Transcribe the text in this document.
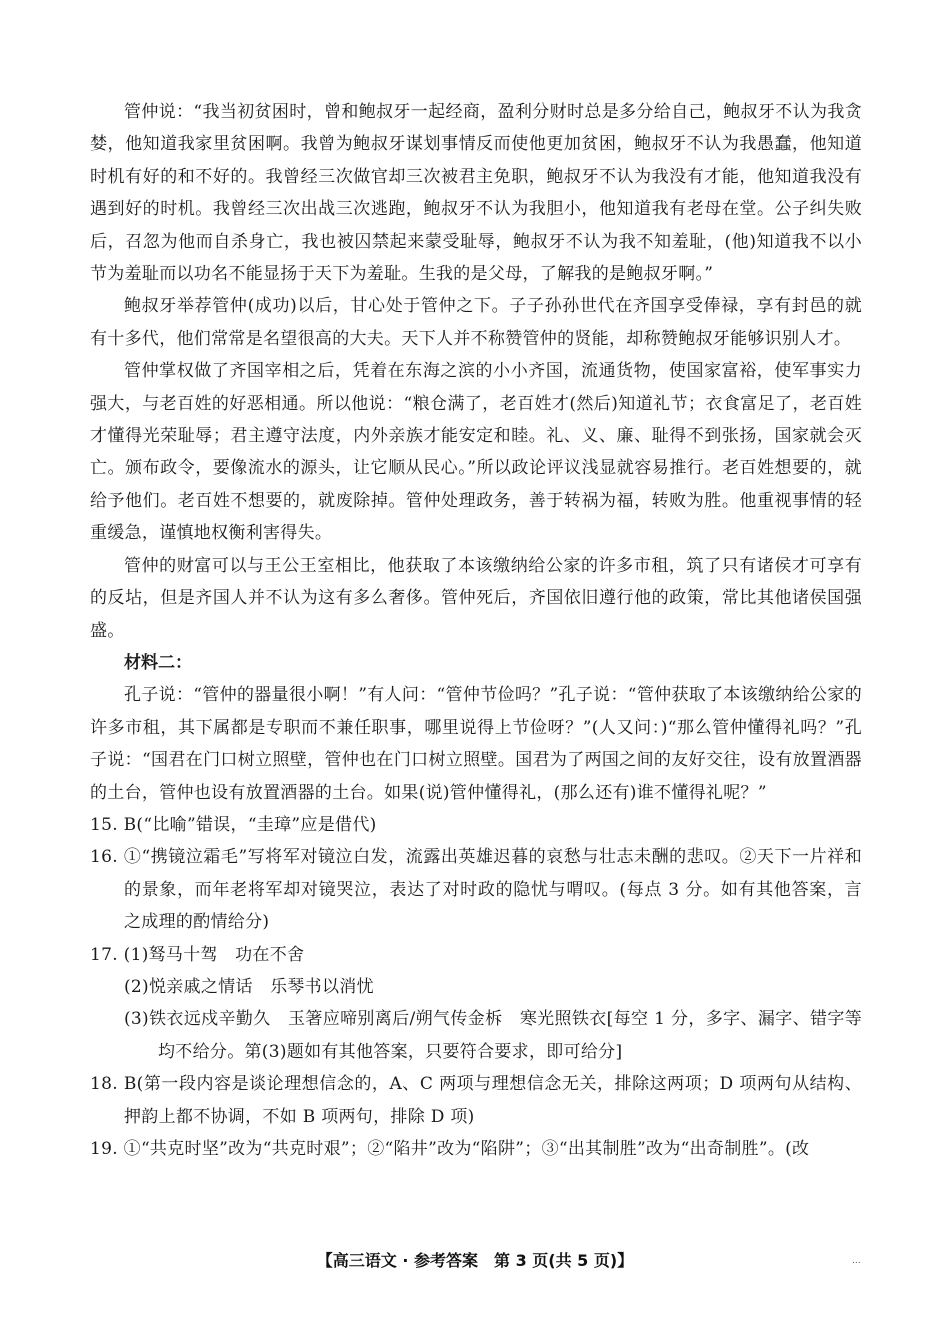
管仲说：“我当初贫困时，曾和鲍叔牙一起经商，盈利分财时总是多分给自己，鲍叔牙不认为我贪婪，他知道我家里贫困啊。我曾为鲍叔牙谋划事情反而使他更加贫困，鲍叔牙不认为我愚蠢，他知道时机有好的和不好的。我曾经三次做官却三次被君主免职，鲍叔牙不认为我没有才能，他知道我没有遇到好的时机。我曾经三次出战三次逃跑，鲍叔牙不认为我胆小，他知道我有老母在堂。公子纠失败后，召忽为他而自杀身亡，我也被囚禁起来蒙受耻辱，鲍叔牙不认为我不知羞耻，(他)知道我不以小节为羞耻而以功名不能显扬于天下为羞耻。生我的是父母，了解我的是鲍叔牙啊。”

鲍叔牙举荐管仲(成功)以后，甘心处于管仲之下。子子孙孙世代在齐国享受俸禄，享有封邑的就有十多代，他们常常是名望很高的大夫。天下人并不称赞管仲的贤能，却称赞鲍叔牙能够识别人才。

管仲掌权做了齐国宰相之后，凭着在东海之滨的小小齐国，流通货物，使国家富裕，使军事实力强大，与老百姓的好恶相通。所以他说：“粮仓满了，老百姓才(然后)知道礼节；衣食富足了，老百姓才懂得光荣耻辱；君主遵守法度，内外亲族才能安定和睦。礼、义、廉、耻得不到张扬，国家就会灭亡。颁布政令，要像流水的源头，让它顺从民心。”所以政论评议浅显就容易推行。老百姓想要的，就给予他们。老百姓不想要的，就废除掉。管仲处理政务，善于转祸为福，转败为胜。他重视事情的轻重缓急，谨慎地权衡利害得失。

管仲的财富可以与王公王室相比，他获取了本该缴纳给公家的许多市租，筑了只有诸侯才可享有的反坫，但是齐国人并不认为这有多么奢侈。管仲死后，齐国依旧遵行他的政策，常比其他诸侯国强盛。

材料二：

孔子说：“管仲的器量很小啊！”有人问：“管仲节俭吗？”孔子说：“管仲获取了本该缴纳给公家的许多市租，其下属都是专职而不兼任职事，哪里说得上节俭呀？”(人又问：)“那么管仲懂得礼吗？”孔子说：“国君在门口树立照壁，管仲也在门口树立照壁。国君为了两国之间的友好交往，设有放置酒器的土台，管仲也设有放置酒器的土台。如果(说)管仲懂得礼，(那么还有)谁不懂得礼呢？”

15. B(“比喻”错误，“圭璋”应是借代)

16. ①“携镜泣霜毛”写将军对镜泣白发，流露出英雄迟暮的哀愁与壮志未酬的悲叹。②天下一片祥和的景象，而年老将军却对镜哭泣，表达了对时政的隐忧与喟叹。(每点 3 分。如有其他答案，言之成理的酌情给分)

17. (1)驽马十驾　功在不舍

(2)悦亲戚之情话　乐琴书以消忧

(3)铁衣远戍辛勤久　玉箸应啼别离后/朔气传金柝　寒光照铁衣[每空 1 分，多字、漏字、错字等均不给分。第(3)题如有其他答案，只要符合要求，即可给分]

18. B(第一段内容是谈论理想信念的，A、C 两项与理想信念无关，排除这两项；D 项两句从结构、押韵上都不协调，不如 B 项两句，排除 D 项)

19. ①“共克时坚”改为“共克时艰”；②“陷井”改为“陷阱”；③“出其制胜”改为“出奇制胜”。(改

【高三语文 · 参考答案　第 3 页(共 5 页)】	...
